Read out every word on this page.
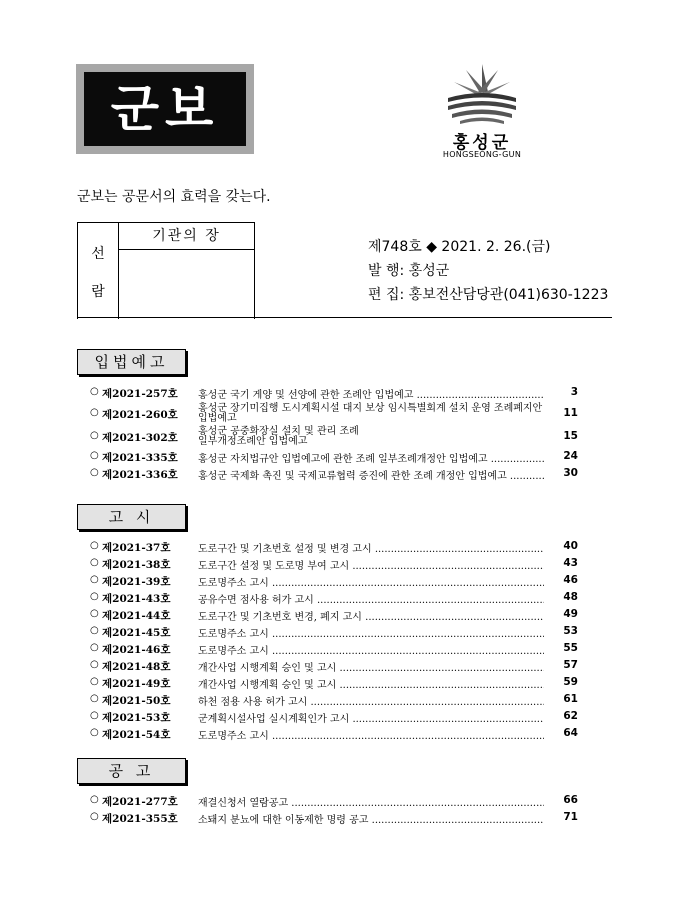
군보
홍성군
HONGSEONG-GUN
군보는 공문서의 효력을 갖는다.
선
람
기관의 장
제748호 ◆ 2021. 2. 26.(금)
발 행: 홍성군
편 집: 홍보전산담당관(041)630-1223
입법예고
○ 제2021-257호 홍성군 국기 게양 및 선양에 관한 조례안 입법예고 .....	3
○ 제2021-260호
홍성군 장기미집행 도시계획시설 대지 보상 임시특별회계 설치 운영 조례폐지안
입법예고	11
○ 제2021-302호
홍성군 공중화장실 설치 및 관리 조례
일부개정조례안 입법예고	15
○ 제2021-335호 홍성군 자치법규안 입법예고에 관한 조례 일부조례개정안 입법예고 .....	24
○ 제2021-336호 홍성군 국제화 촉진 및 국제교류협력 증진에 관한 조례 개정안 입법예고 .....	30
고 시
○ 제2021-37호	도로구간 및 기초번호 설정 및 변경 고시 .....	40
○ 제2021-38호	도로구간 설정 및 도로명 부여 고시 .....	43
○ 제2021-39호	도로명주소 고시 .....	46
○ 제2021-43호	공유수면 점사용 허가 고시 .....	48
○ 제2021-44호	도로구간 및 기초번호 변경, 폐지 고시 .....	49
○ 제2021-45호	도로명주소 고시 .....	53
○ 제2021-46호	도로명주소 고시 .....	55
○ 제2021-48호	개간사업 시행계획 승인 및 고시 .....	57
○ 제2021-49호	개간사업 시행계획 승인 및 고시 .....	59
○ 제2021-50호	하천 점용 사용 허가 고시 .....	61
○ 제2021-53호	군계획시설사업 실시계획인가 고시 .....	62
○ 제2021-54호	도로명주소 고시 .....	64
공 고
○ 제2021-277호 재결신청서 열람공고 .....	66
○ 제2021-355호 소돼지 분뇨에 대한 이동제한 명령 공고 .....	71
